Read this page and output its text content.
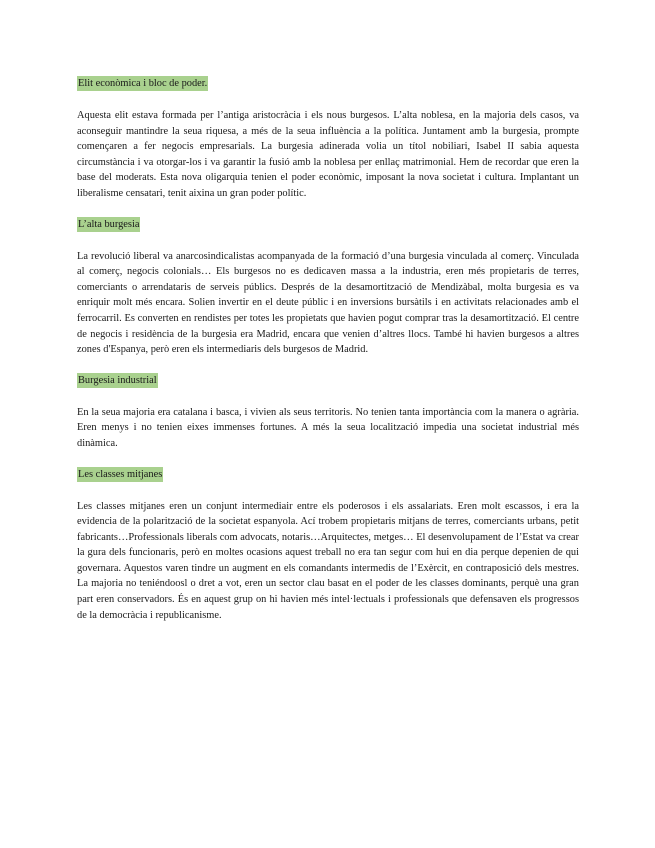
Elit econòmica i bloc de poder.

Aquesta elit estava formada per l’antiga aristocràcia i els nous burgesos. L’alta noblesa, en la majoria dels casos, va aconseguir mantindre la seua riquesa, a més de la seua influència a la política. Juntament amb la burgesia, prompte començaren a fer negocis empresarials. La burgesia adinerada volia un títol nobiliari, Isabel II sabia aquesta circumstància i va otorgar-los i va garantir la fusió amb la noblesa per enllaç matrimonial. Hem de recordar que eren la base del moderats. Esta nova oligarquia tenien el poder econòmic, imposant la nova societat i cultura. Implantant un liberalisme censatari, tenit aixina un gran poder polític.

L’alta burgesia

La revolució liberal va anarcosindicalistas acompanyada de la formació d’una burgesia vinculada al comerç. Vinculada al comerç, negocis colonials… Els burgesos no es dedicaven massa a la industria, eren més propietaris de terres, comerciants o arrendataris de serveis públics. Després de la desamortització de Mendizàbal, molta burgesia es va enriquir molt més encara. Solien invertir en el deute públic i en inversions bursàtils i en activitats relacionades amb el ferrocarril. Es converten en rendistes per totes les propietats que havien pogut comprar tras la desamortització. El centre de negocis i residència de la burgesia era Madrid, encara que venien d’altres llocs. També hi havien burgesos a altres zones d'Espanya, però eren els intermediaris dels burgesos de Madrid.

Burgesia industrial

En la seua majoria era catalana i basca, i vivien als seus territoris. No tenien tanta importància com la manera o agrària. Eren menys i no tenien eixes immenses fortunes. A més la seua localització impedia una societat industrial més dinàmica.

Les classes mitjanes

Les classes mitjanes eren un conjunt intermediair entre els poderosos i els assalariats. Eren molt escassos, i era la evidencia de la polarització de la societat espanyola. Ací trobem propietaris mitjans de terres, comerciants urbans, petit fabricants…Professionals liberals com advocats, notaris…Arquitectes, metges… El desenvolupament de l’Estat va crear la gura dels funcionaris, però en moltes ocasions aquest treball no era tan segur com hui en dia perque depenien de qui governara. Aquestos varen tindre un augment en els comandants intermedis de l’Exèrcit, en contraposició dels mestres. La majoria no teniéndoosl o dret a vot, eren un sector clau basat en el poder de les classes dominants, perquè una gran part eren conservadors. És en aquest grup on hi havien més intel·lectuals i professionals que defensaven els progressos de la democràcia i republicanisme.
